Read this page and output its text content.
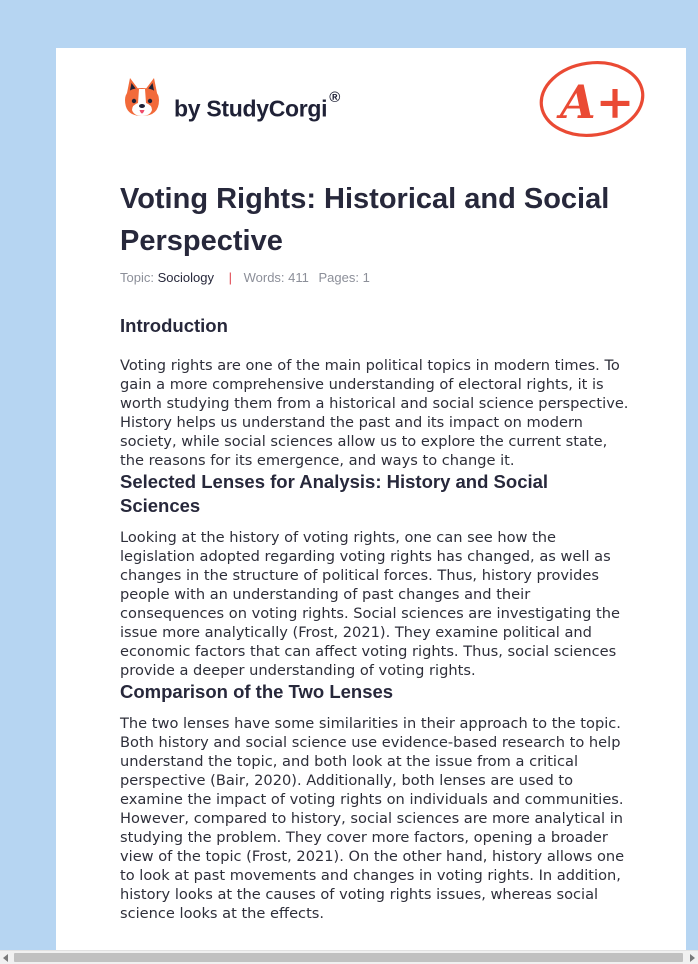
by StudyCorgi ®	A+
Voting Rights: Historical and Social Perspective
Topic: Sociology | Words: 411 Pages: 1
Introduction

Voting rights are one of the main political topics in modern times. To gain a more comprehensive understanding of electoral rights, it is worth studying them from a historical and social science perspective. History helps us understand the past and its impact on modern society, while social sciences allow us to explore the current state, the reasons for its emergence, and ways to change it.

Selected Lenses for Analysis: History and Social Sciences

Looking at the history of voting rights, one can see how the legislation adopted regarding voting rights has changed, as well as changes in the structure of political forces. Thus, history provides people with an understanding of past changes and their consequences on voting rights. Social sciences are investigating the issue more analytically (Frost, 2021). They examine political and economic factors that can affect voting rights. Thus, social sciences provide a deeper understanding of voting rights.

Comparison of the Two Lenses

The two lenses have some similarities in their approach to the topic. Both history and social science use evidence-based research to help understand the topic, and both look at the issue from a critical perspective (Bair, 2020). Additionally, both lenses are used to examine the impact of voting rights on individuals and communities. However, compared to history, social sciences are more analytical in studying the problem. They cover more factors, opening a broader view of the topic (Frost, 2021). On the other hand, history allows one to look at past movements and changes in voting rights. In addition, history looks at the causes of voting rights issues, whereas social science looks at the effects.
